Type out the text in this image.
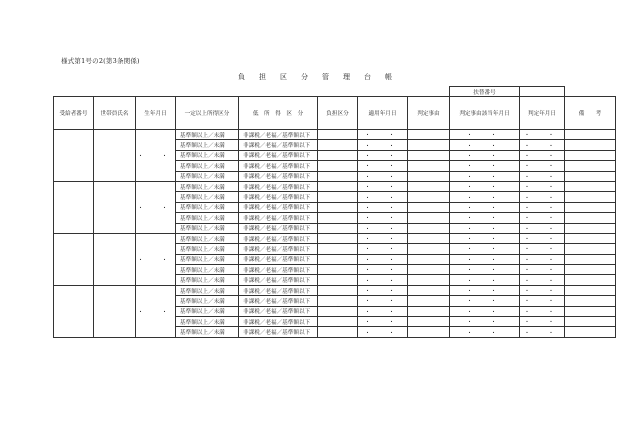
様式第1号の2(第3条関係)
負 担 区 分 管 理 台 帳
								扶替番号		
受給者番号	世帯員氏名	生年月日	一定以上所得区分	低　所　得　区　分	負担区分	適用年月日	判定事由	判定事由該当年月日	判定年月日	備　　考
		・　・	基準額以上／未満	非課税／老福／基準額以下		・　・		・　・	・　・	
			基準額以上／未満	非課税／老福／基準額以下		・　・		・　・	・　・	
			基準額以上／未満	非課税／老福／基準額以下		・　・		・　・	・　・	
			基準額以上／未満	非課税／老福／基準額以下		・　・		・　・	・　・	
			基準額以上／未満	非課税／老福／基準額以下		・　・		・　・	・　・	
		・　・	基準額以上／未満	非課税／老福／基準額以下		・　・		・　・	・　・	
			基準額以上／未満	非課税／老福／基準額以下		・　・		・　・	・　・	
			基準額以上／未満	非課税／老福／基準額以下		・　・		・　・	・　・	
			基準額以上／未満	非課税／老福／基準額以下		・　・		・　・	・　・	
			基準額以上／未満	非課税／老福／基準額以下		・　・		・　・	・　・	
		・　・	基準額以上／未満	非課税／老福／基準額以下		・　・		・　・	・　・	
			基準額以上／未満	非課税／老福／基準額以下		・　・		・　・	・　・	
			基準額以上／未満	非課税／老福／基準額以下		・　・		・　・	・　・	
			基準額以上／未満	非課税／老福／基準額以下		・　・		・　・	・　・	
			基準額以上／未満	非課税／老福／基準額以下		・　・		・　・	・　・	
		・　・	基準額以上／未満	非課税／老福／基準額以下		・　・		・　・	・　・	
			基準額以上／未満	非課税／老福／基準額以下		・　・		・　・	・　・	
			基準額以上／未満	非課税／老福／基準額以下		・　・		・　・	・　・	
			基準額以上／未満	非課税／老福／基準額以下		・　・		・　・	・　・	
			基準額以上／未満	非課税／老福／基準額以下		・　・		・　・	・　・	
